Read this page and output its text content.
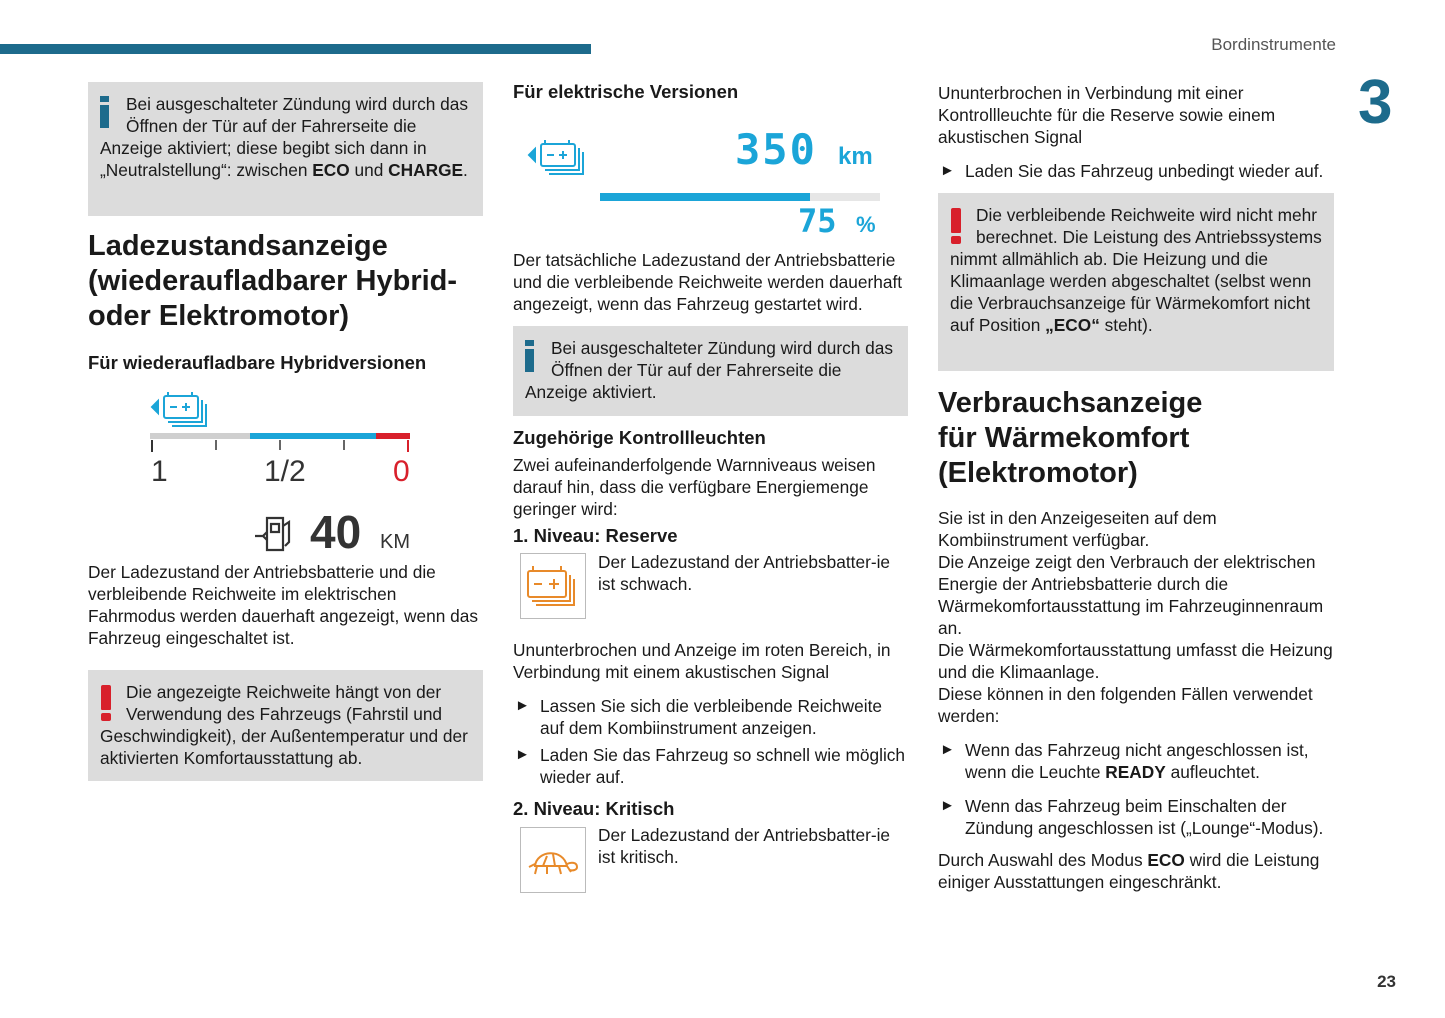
Bordinstrumente
3
23

Bei ausgeschalteter Zündung wird durch das Öffnen der Tür auf der Fahrerseite die Anzeige aktiviert; diese begibt sich dann in „Neutralstellung“: zwischen ECO und CHARGE.

Ladezustandsanzeige (wiederaufladbarer Hybrid- oder Elektromotor)
Für wiederaufladbare Hybridversionen
1	1/2	0
40 KM

Der Ladezustand der Antriebsbatterie und die verbleibende Reichweite im elektrischen Fahrmodus werden dauerhaft angezeigt, wenn das Fahrzeug eingeschaltet ist.

Die angezeigte Reichweite hängt von der Verwendung des Fahrzeugs (Fahrstil und Geschwindigkeit), der Außentemperatur und der aktivierten Komfortausstattung ab.

Für elektrische Versionen
350 km
75 %

Der tatsächliche Ladezustand der Antriebsbatterie und die verbleibende Reichweite werden dauerhaft angezeigt, wenn das Fahrzeug gestartet wird.

Bei ausgeschalteter Zündung wird durch das Öffnen der Tür auf der Fahrerseite die Anzeige aktiviert.

Zugehörige Kontrollleuchten

Zwei aufeinanderfolgende Warnniveaus weisen darauf hin, dass die verfügbare Energiemenge geringer wird:

1. Niveau: Reserve

Der Ladezustand der Antriebsbatter-ie ist schwach.

Ununterbrochen und Anzeige im roten Bereich, in Verbindung mit einem akustischen Signal

► Lassen Sie sich die verbleibende Reichweite auf dem Kombiinstrument anzeigen.
► Laden Sie das Fahrzeug so schnell wie möglich wieder auf.
2. Niveau: Kritisch

Der Ladezustand der Antriebsbatter-ie ist kritisch.

Ununterbrochen in Verbindung mit einer Kontrollleuchte für die Reserve sowie einem akustischen Signal

► Laden Sie das Fahrzeug unbedingt wieder auf.

Die verbleibende Reichweite wird nicht mehr berechnet. Die Leistung des Antriebssystems nimmt allmählich ab. Die Heizung und die Klimaanlage werden abgeschaltet (selbst wenn die Verbrauchsanzeige für Wärmekomfort nicht auf Position „ECO“ steht).

Verbrauchsanzeige für Wärmekomfort (Elektromotor)

Sie ist in den Anzeigeseiten auf dem Kombiinstrument verfügbar.

Die Anzeige zeigt den Verbrauch der elektrischen Energie der Antriebsbatterie durch die Wärmekomfortausstattung im Fahrzeuginnenraum an.

Die Wärmekomfortausstattung umfasst die Heizung und die Klimaanlage.

Diese können in den folgenden Fällen verwendet werden:

► Wenn das Fahrzeug nicht angeschlossen ist, wenn die Leuchte READY aufleuchtet.
► Wenn das Fahrzeug beim Einschalten der Zündung angeschlossen ist („Lounge“-Modus).

Durch Auswahl des Modus ECO wird die Leistung einiger Ausstattungen eingeschränkt.
